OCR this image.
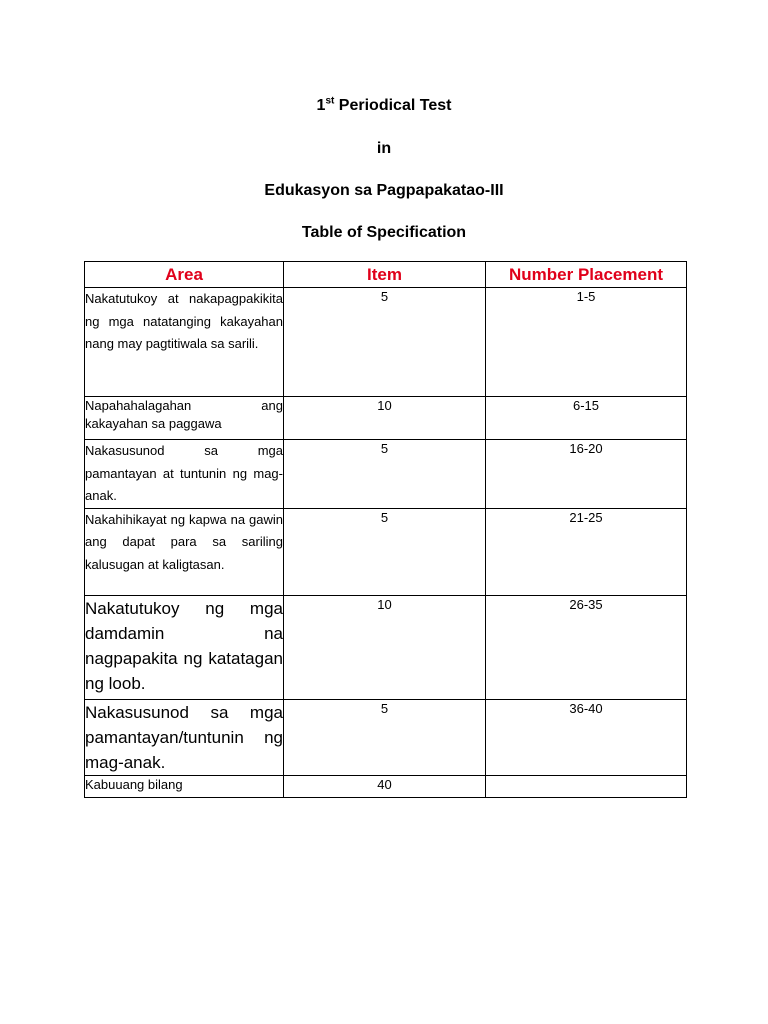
1st Periodical Test
in
Edukasyon sa Pagpapakatao-III
Table of Specification
Area	Item	Number Placement
Nakatutukoy at nakapagpakikita ng mga natatanging kakayahan nang may pagtitiwala sa sarili.	5	1-5
Napahahalagahan ang kakayahan sa paggawa	10	6-15
Nakasusunod sa mga pamantayan at tuntunin ng mag-anak.	5	16-20
Nakahihikayat ng kapwa na gawin ang dapat para sa sariling kalusugan at kaligtasan.	5	21-25
Nakatutukoy ng mga damdamin na nagpapakita ng katatagan ng loob.	10	26-35
Nakasusunod sa mga pamantayan/tuntunin ng mag-anak.	5	36-40
Kabuuang bilang	40	
